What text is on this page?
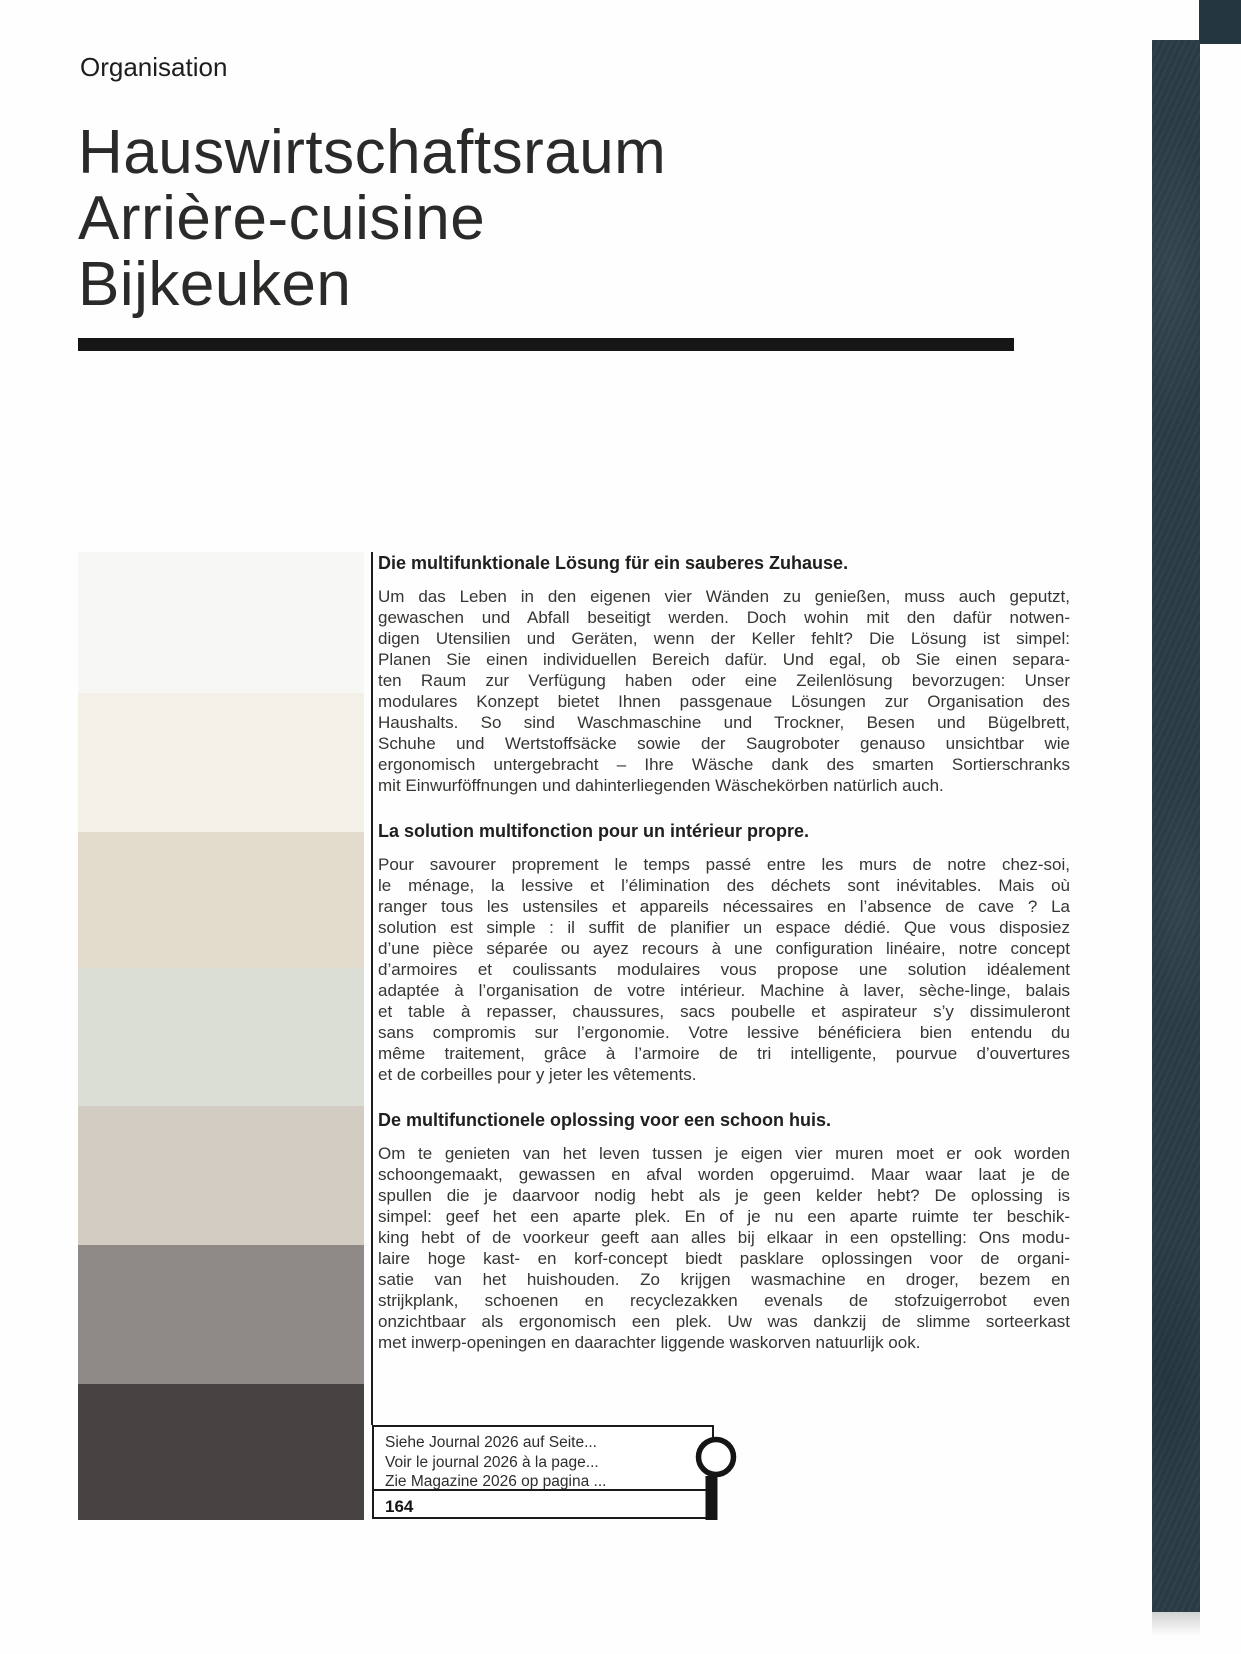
Organisation
Hauswirtschaftsraum
Arrière-cuisine
Bijkeuken
Die multifunktionale Lösung für ein sauberes Zuhause.
Um das Leben in den eigenen vier Wänden zu genießen, muss auch geputzt,
gewaschen und Abfall beseitigt werden. Doch wohin mit den dafür notwen-
digen Utensilien und Geräten, wenn der Keller fehlt? Die Lösung ist simpel:
Planen Sie einen individuellen Bereich dafür. Und egal, ob Sie einen separa-
ten Raum zur Verfügung haben oder eine Zeilenlösung bevorzugen: Unser
modulares Konzept bietet Ihnen passgenaue Lösungen zur Organisation des
Haushalts. So sind Waschmaschine und Trockner, Besen und Bügelbrett,
Schuhe und Wertstoffsäcke sowie der Saugroboter genauso unsichtbar wie
ergonomisch untergebracht – Ihre Wäsche dank des smarten Sortierschranks
mit Einwurföffnungen und dahinterliegenden Wäschekörben natürlich auch.
La solution multifonction pour un intérieur propre.
Pour savourer proprement le temps passé entre les murs de notre chez-soi,
le ménage, la lessive et l’élimination des déchets sont inévitables. Mais où
ranger tous les ustensiles et appareils nécessaires en l’absence de cave ? La
solution est simple : il suffit de planifier un espace dédié. Que vous disposiez
d’une pièce séparée ou ayez recours à une configuration linéaire, notre concept
d’armoires et coulissants modulaires vous propose une solution idéalement
adaptée à l’organisation de votre intérieur. Machine à laver, sèche-linge, balais
et table à repasser, chaussures, sacs poubelle et aspirateur s’y dissimuleront
sans compromis sur l’ergonomie. Votre lessive bénéficiera bien entendu du
même traitement, grâce à l’armoire de tri intelligente, pourvue d’ouvertures
et de corbeilles pour y jeter les vêtements.
De multifunctionele oplossing voor een schoon huis.
Om te genieten van het leven tussen je eigen vier muren moet er ook worden
schoongemaakt, gewassen en afval worden opgeruimd. Maar waar laat je de
spullen die je daarvoor nodig hebt als je geen kelder hebt? De oplossing is
simpel: geef het een aparte plek. En of je nu een aparte ruimte ter beschik-
king hebt of de voorkeur geeft aan alles bij elkaar in een opstelling: Ons modu-
laire hoge kast- en korf-concept biedt pasklare oplossingen voor de organi-
satie van het huishouden. Zo krijgen wasmachine en droger, bezem en
strijkplank, schoenen en recyclezakken evenals de stofzuigerrobot even
onzichtbaar als ergonomisch een plek. Uw was dankzij de slimme sorteerkast
met inwerp-openingen en daarachter liggende waskorven natuurlijk ook.
Siehe Journal 2026 auf Seite...
Voir le journal 2026 à la page...
Zie Magazine 2026 op pagina ...
164
